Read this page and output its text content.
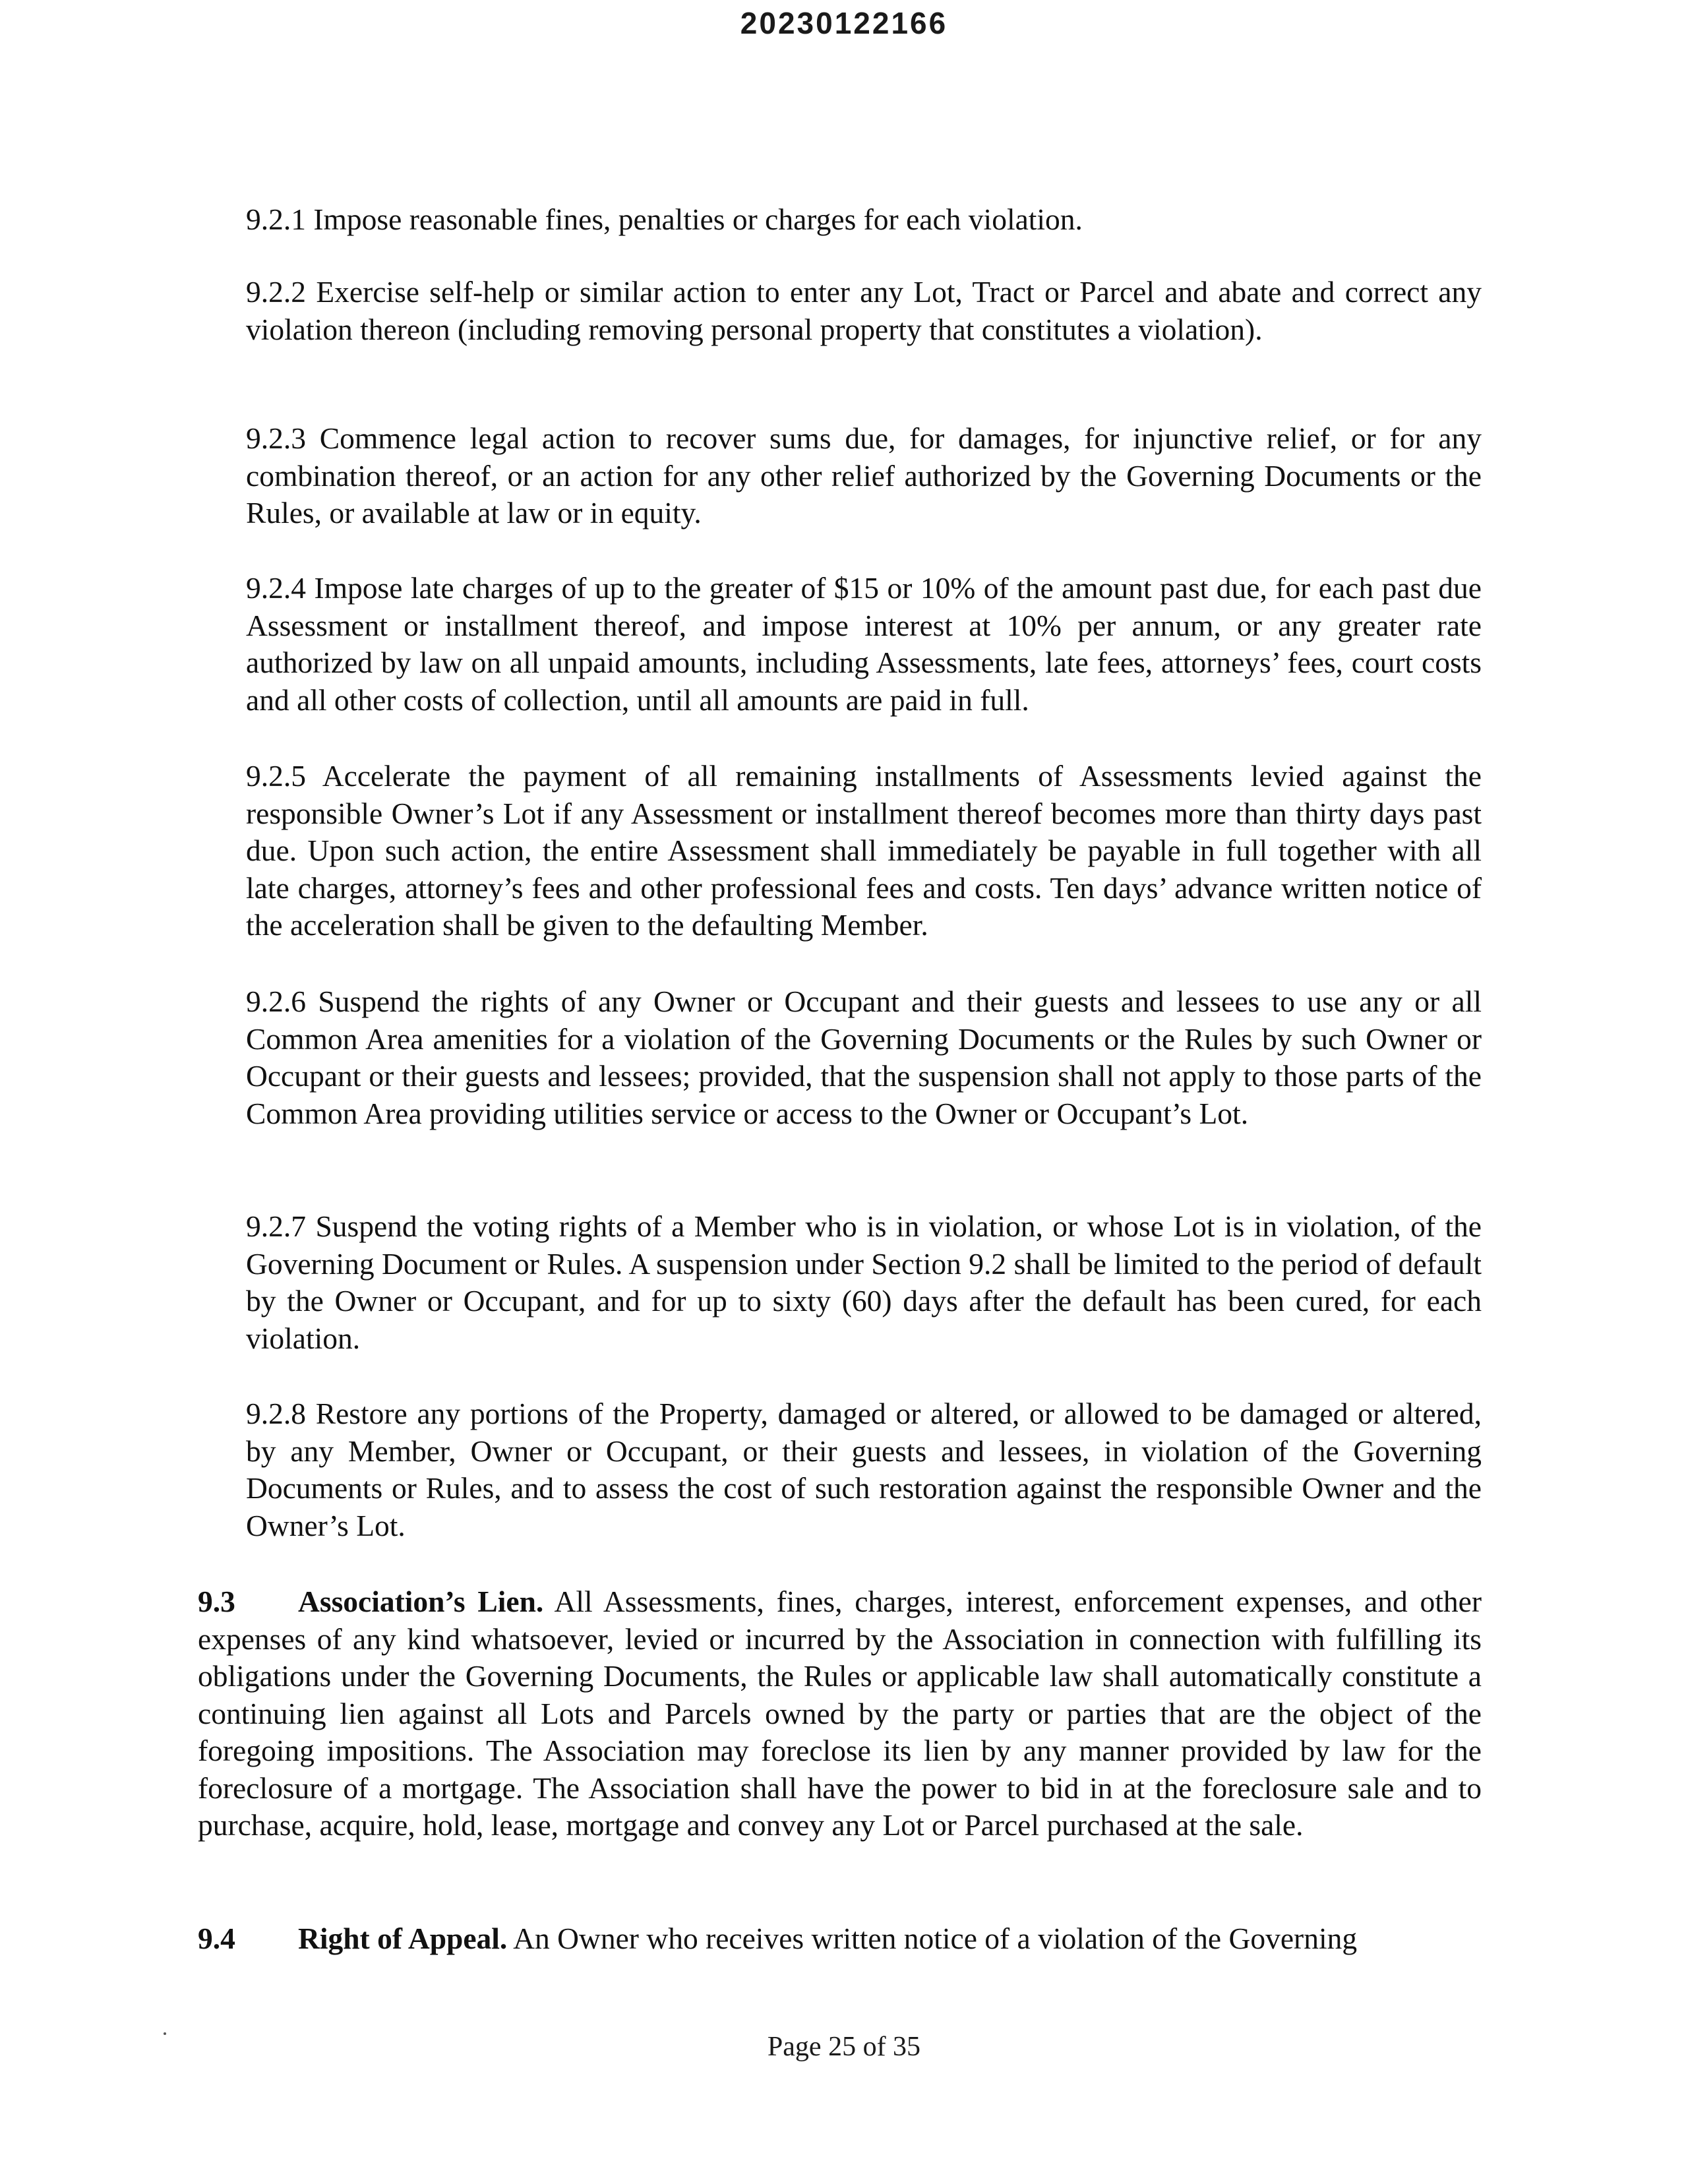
20230122166

9.2.1 Impose reasonable fines, penalties or charges for each violation.

9.2.2 Exercise self-help or similar action to enter any Lot, Tract or Parcel and abate and correct any violation thereon (including removing personal property that constitutes a violation).

9.2.3 Commence legal action to recover sums due, for damages, for injunctive relief, or for any combination thereof, or an action for any other relief authorized by the Governing Documents or the Rules, or available at law or in equity.

9.2.4 Impose late charges of up to the greater of $15 or 10% of the amount past due, for each past due Assessment or installment thereof, and impose interest at 10% per annum, or any greater rate authorized by law on all unpaid amounts, including Assessments, late fees, attorneys’ fees, court costs and all other costs of collection, until all amounts are paid in full.

9.2.5 Accelerate the payment of all remaining installments of Assessments levied against the responsible Owner’s Lot if any Assessment or installment thereof becomes more than thirty days past due. Upon such action, the entire Assessment shall immediately be payable in full together with all late charges, attorney’s fees and other professional fees and costs. Ten days’ advance written notice of the acceleration shall be given to the defaulting Member.

9.2.6 Suspend the rights of any Owner or Occupant and their guests and lessees to use any or all Common Area amenities for a violation of the Governing Documents or the Rules by such Owner or Occupant or their guests and lessees; provided, that the suspension shall not apply to those parts of the Common Area providing utilities service or access to the Owner or Occupant’s Lot.

9.2.7 Suspend the voting rights of a Member who is in violation, or whose Lot is in violation, of the Governing Document or Rules. A suspension under Section 9.2 shall be limited to the period of default by the Owner or Occupant, and for up to sixty (60) days after the default has been cured, for each violation.

9.2.8 Restore any portions of the Property, damaged or altered, or allowed to be damaged or altered, by any Member, Owner or Occupant, or their guests and lessees, in violation of the Governing Documents or Rules, and to assess the cost of such restoration against the responsible Owner and the Owner’s Lot.

9.3 Association’s Lien. All Assessments, fines, charges, interest, enforcement expenses, and other expenses of any kind whatsoever, levied or incurred by the Association in connection with fulfilling its obligations under the Governing Documents, the Rules or applicable law shall automatically constitute a continuing lien against all Lots and Parcels owned by the party or parties that are the object of the foregoing impositions. The Association may foreclose its lien by any manner provided by law for the foreclosure of a mortgage. The Association shall have the power to bid in at the foreclosure sale and to purchase, acquire, hold, lease, mortgage and convey any Lot or Parcel purchased at the sale.

9.4 Right of Appeal. An Owner who receives written notice of a violation of the Governing

Page 25 of 35
